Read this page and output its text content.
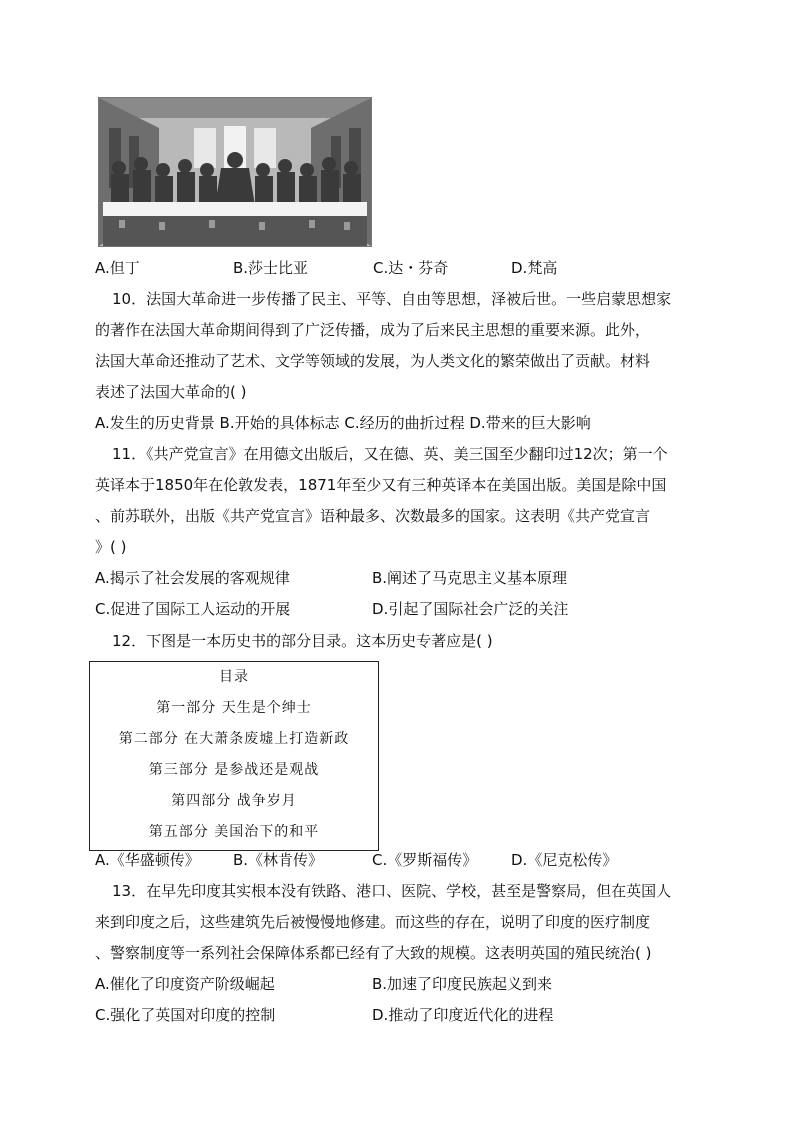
A.但丁	B.莎士比亚	C.达・芬奇	D.梵高
10．法国大革命进一步传播了民主、平等、自由等思想，泽被后世。一些启蒙思想家
的著作在法国大革命期间得到了广泛传播，成为了后来民主思想的重要来源。此外，
法国大革命还推动了艺术、文学等领域的发展，为人类文化的繁荣做出了贡献。材料
表述了法国大革命的( )
A.发生的历史背景 B.开始的具体标志 C.经历的曲折过程 D.带来的巨大影响
11．《共产党宣言》在用德文出版后，又在德、英、美三国至少翻印过12次；第一个
英译本于1850年在伦敦发表，1871年至少又有三种英译本在美国出版。美国是除中国
、前苏联外，出版《共产党宣言》语种最多、次数最多的国家。这表明《共产党宣言
》( )
A.揭示了社会发展的客观规律	B.阐述了马克思主义基本原理
C.促进了国际工人运动的开展	D.引起了国际社会广泛的关注
12．下图是一本历史书的部分目录。这本历史专著应是( )
目录
第一部分 天生是个绅士
第二部分 在大萧条废墟上打造新政
第三部分 是参战还是观战
第四部分 战争岁月
第五部分 美国治下的和平
A.《华盛顿传》 B.《林肯传》	C.《罗斯福传》 D.《尼克松传》
13．在早先印度其实根本没有铁路、港口、医院、学校，甚至是警察局，但在英国人
来到印度之后，这些建筑先后被慢慢地修建。而这些的存在，说明了印度的医疗制度
、警察制度等一系列社会保障体系都已经有了大致的规模。这表明英国的殖民统治( )
A.催化了印度资产阶级崛起	B.加速了印度民族起义到来
C.强化了英国对印度的控制	D.推动了印度近代化的进程
